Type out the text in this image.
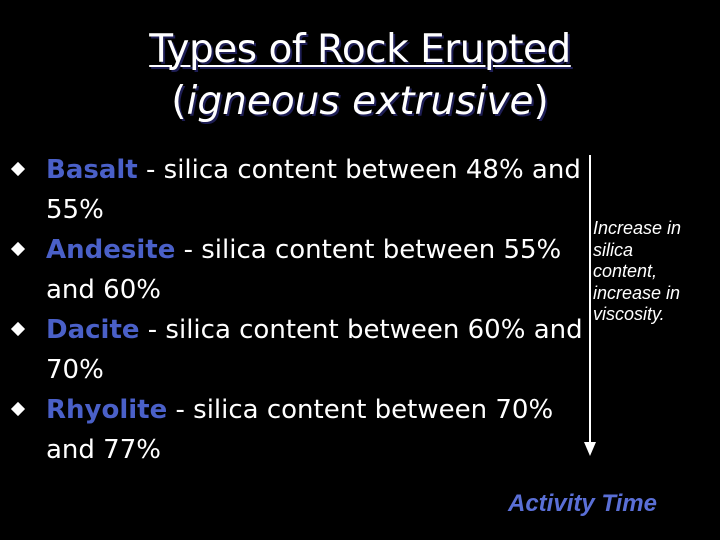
Types of Rock Erupted
(igneous extrusive)
Basalt - silica content between 48% and 55%
Andesite - silica content between 55% and 60%
Dacite - silica content between 60% and 70%
Rhyolite - silica content between 70% and 77%
Increase in
silica
content,
increase in
viscosity.
Activity Time
